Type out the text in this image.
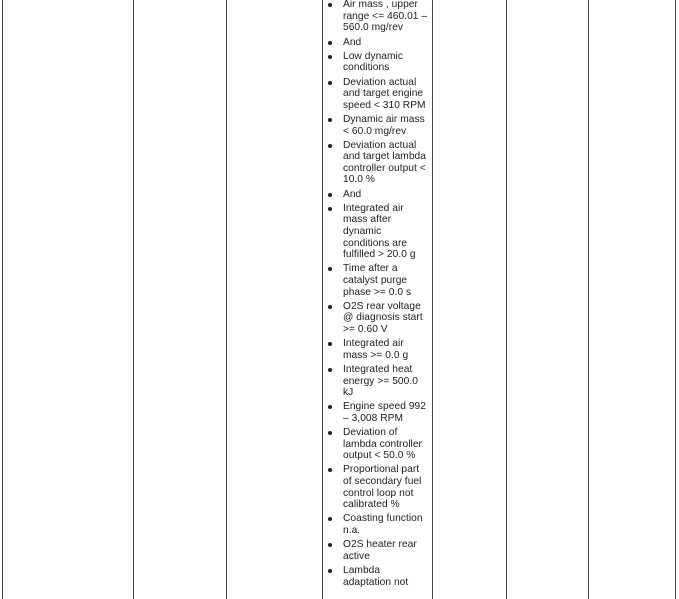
Air mass , upper range <= 460.01 – 560.0 mg/rev
And
Low dynamic conditions
Deviation actual and target engine speed < 310 RPM
Dynamic air mass < 60.0 mg/rev
Deviation actual and target lambda controller output < 10.0 %
And
Integrated air mass after dynamic conditions are fulfilled > 20.0 g
Time after a catalyst purge phase >= 0.0 s
O2S rear voltage @ diagnosis start >= 0.60 V
Integrated air mass >= 0.0 g
Integrated heat energy >= 500.0 kJ
Engine speed 992 – 3,008 RPM
Deviation of lambda controller output < 50.0 %
Proportional part of secondary fuel control loop not calibrated %
Coasting function n.a.
O2S heater rear active
Lambda adaptation not
